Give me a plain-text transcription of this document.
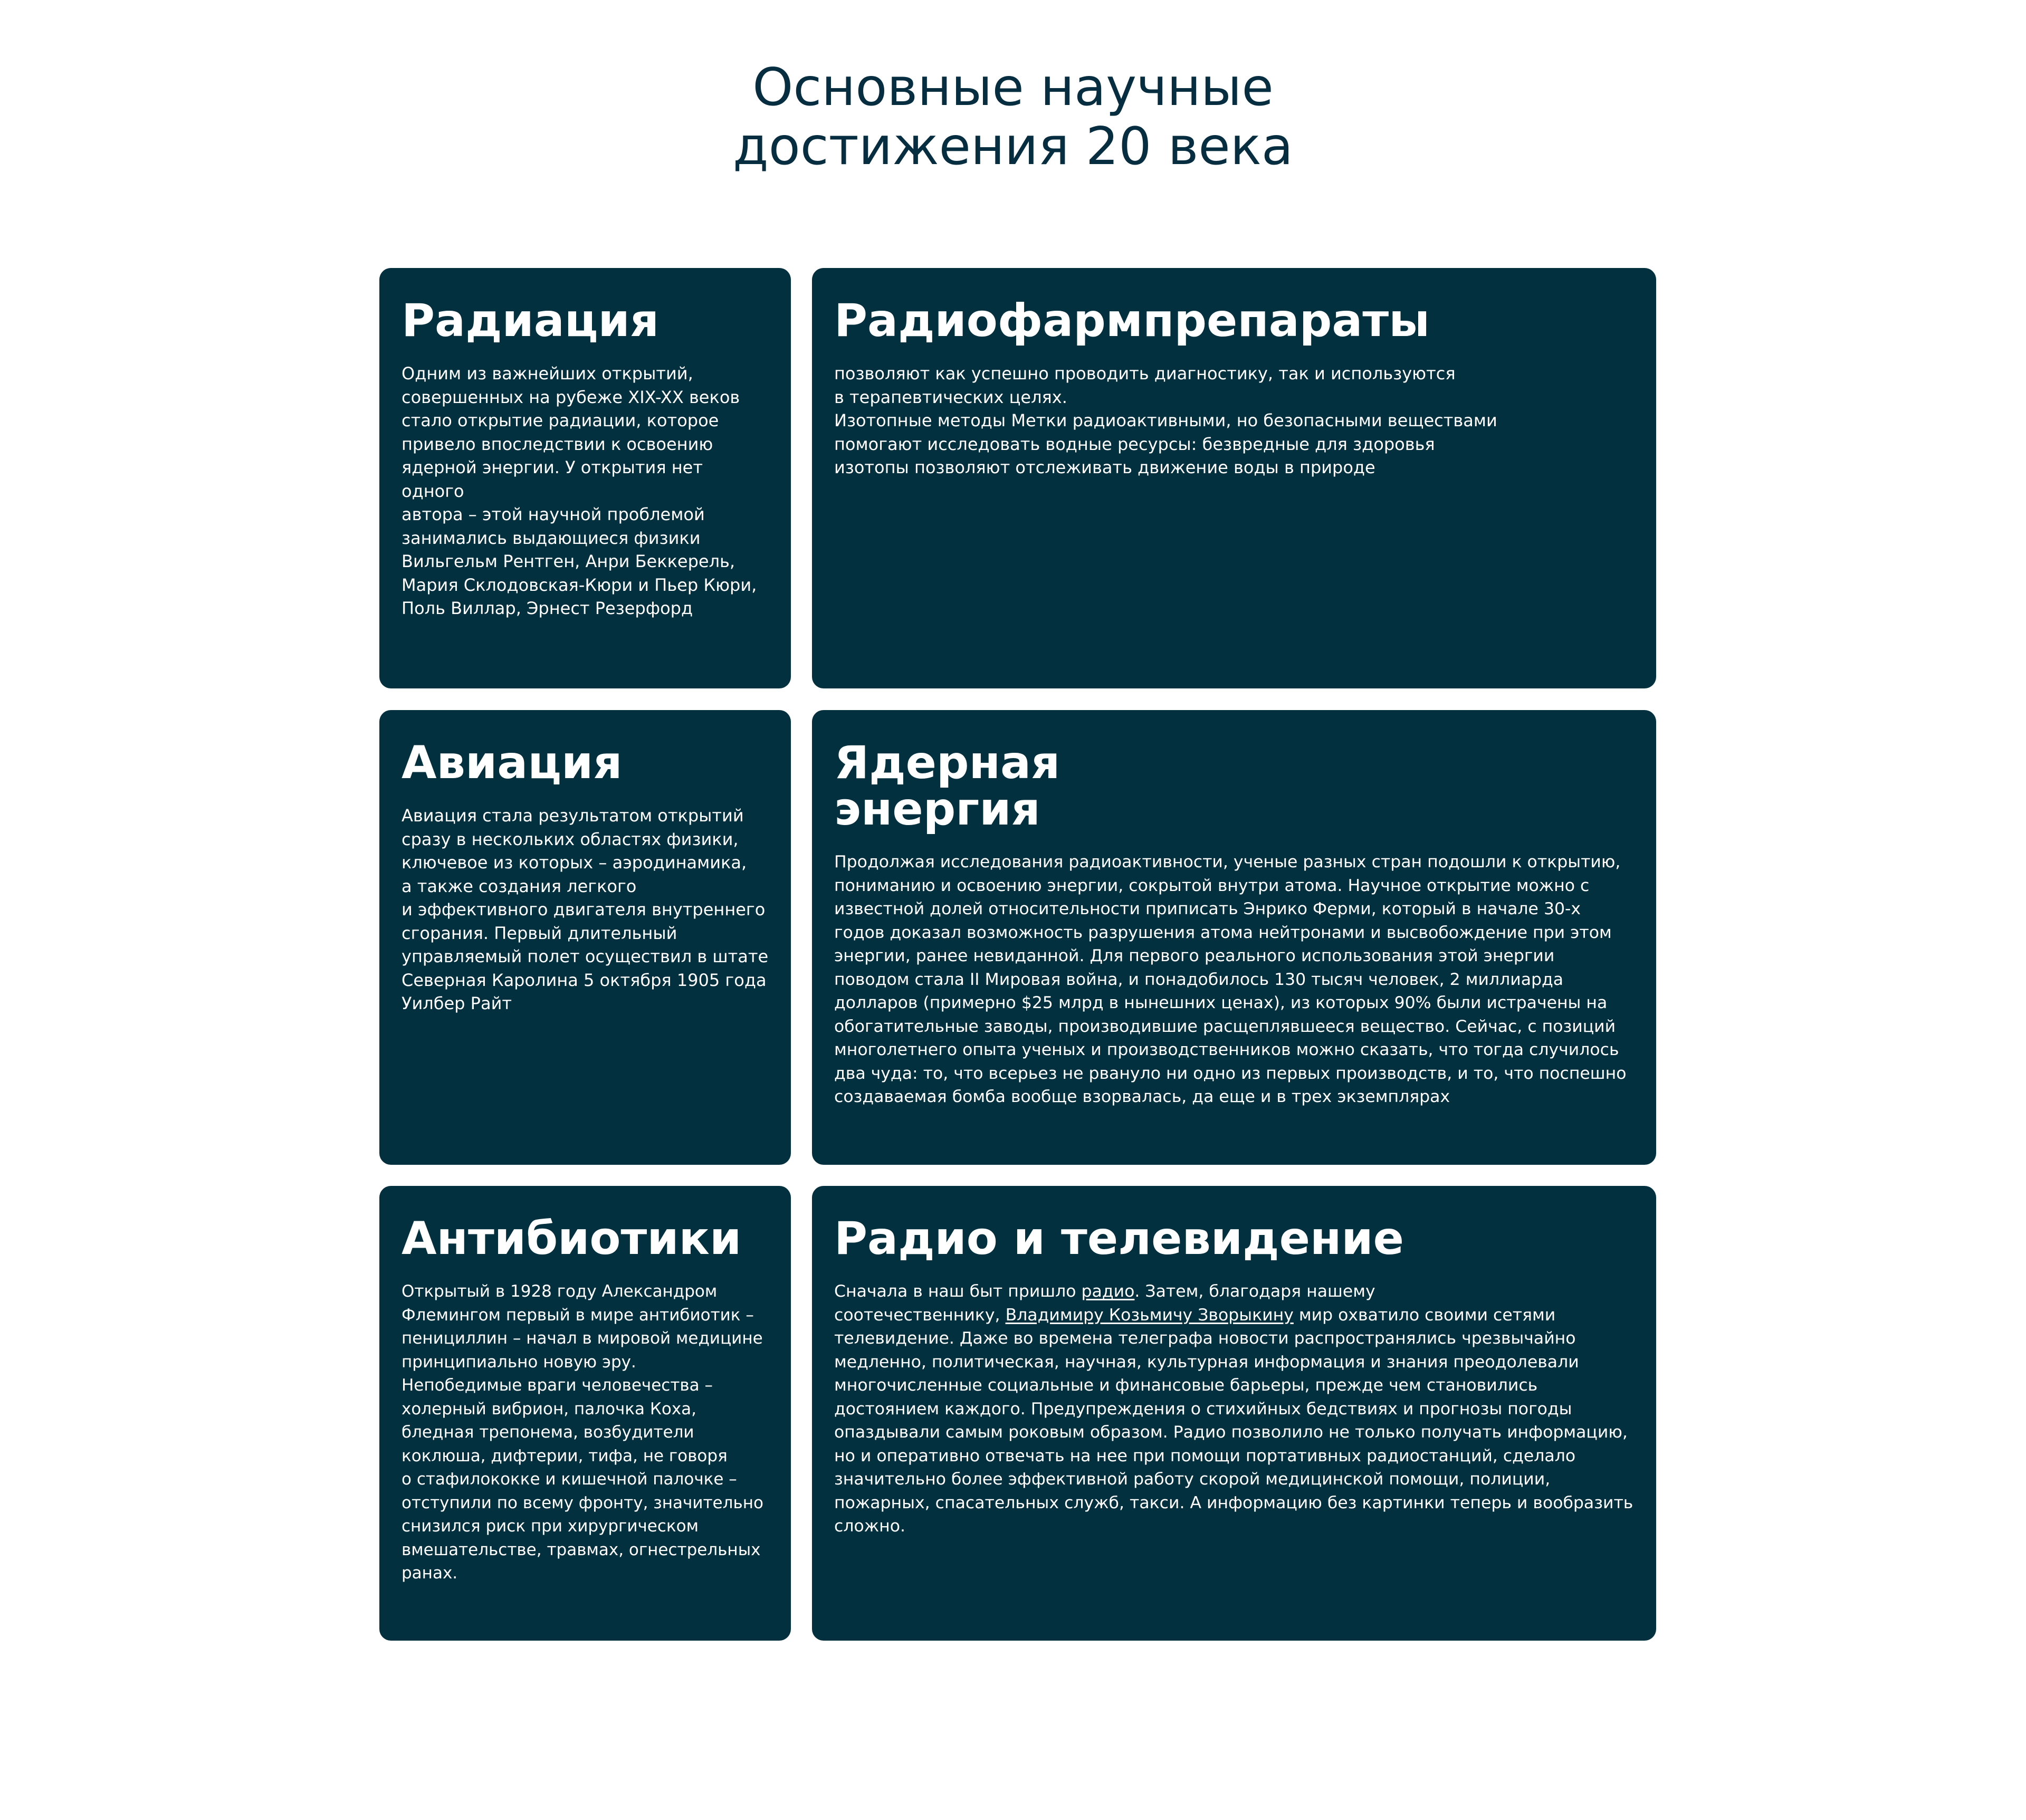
Основные научные
достижения 20 века
Радиация

Одним из важнейших открытий,
совершенных на рубеже XIX-XX веков
стало открытие радиации, которое
привело впоследствии к освоению
ядерной энергии. У открытия нет одного
автора – этой научной проблемой
занимались выдающиеся физики
Вильгельм Рентген, Анри Беккерель,
Мария Склодовская-Кюри и Пьер Кюри,
Поль Виллар, Эрнест Резерфорд

Радиофармпрепараты

позволяют как успешно проводить диагностику, так и используются
в терапевтических целях.
Изотопные методы Метки радиоактивными, но безопасными веществами
помогают исследовать водные ресурсы: безвредные для здоровья
изотопы позволяют отслеживать движение воды в природе

Авиация

Авиация стала результатом открытий
сразу в нескольких областях физики,
ключевое из которых – аэродинамика,
а также создания легкого
и эффективного двигателя внутреннего
сгорания. Первый длительный
управляемый полет осуществил в штате
Северная Каролина 5 октября 1905 года
Уилбер Райт

Ядерная
энергия

Продолжая исследования радиоактивности, ученые разных стран подошли к открытию,
пониманию и освоению энергии, сокрытой внутри атома. Научное открытие можно с
известной долей относительности приписать Энрико Ферми, который в начале 30-х
годов доказал возможность разрушения атома нейтронами и высвобождение при этом
энергии, ранее невиданной. Для первого реального использования этой энергии
поводом стала II Мировая война, и понадобилось 130 тысяч человек, 2 миллиарда
долларов (примерно $25 млрд в нынешних ценах), из которых 90% были истрачены на
обогатительные заводы, производившие расщеплявшееся вещество. Сейчас, с позиций
многолетнего опыта ученых и производственников можно сказать, что тогда случилось
два чуда: то, что всерьез не рвануло ни одно из первых производств, и то, что поспешно
создаваемая бомба вообще взорвалась, да еще и в трех экземплярах

Антибиотики

Открытый в 1928 году Александром
Флемингом первый в мире антибиотик –
пенициллин – начал в мировой медицине
принципиально новую эру.
Непобедимые враги человечества –
холерный вибрион, палочка Коха,
бледная трепонема, возбудители
коклюша, дифтерии, тифа, не говоря
о стафилококке и кишечной палочке –
отступили по всему фронту, значительно
снизился риск при хирургическом
вмешательстве, травмах, огнестрельных
ранах.

Радио и телевидение

Сначала в наш быт пришло радио. Затем, благодаря нашему
соотечественнику, Владимиру Козьмичу Зворыкину мир охватило своими сетями
телевидение. Даже во времена телеграфа новости распространялись чрезвычайно
медленно, политическая, научная, культурная информация и знания преодолевали
многочисленные социальные и финансовые барьеры, прежде чем становились
достоянием каждого. Предупреждения о стихийных бедствиях и прогнозы погоды
опаздывали самым роковым образом. Радио позволило не только получать информацию,
но и оперативно отвечать на нее при помощи портативных радиостанций, сделало
значительно более эффективной работу скорой медицинской помощи, полиции,
пожарных, спасательных служб, такси. А информацию без картинки теперь и вообразить
сложно.
